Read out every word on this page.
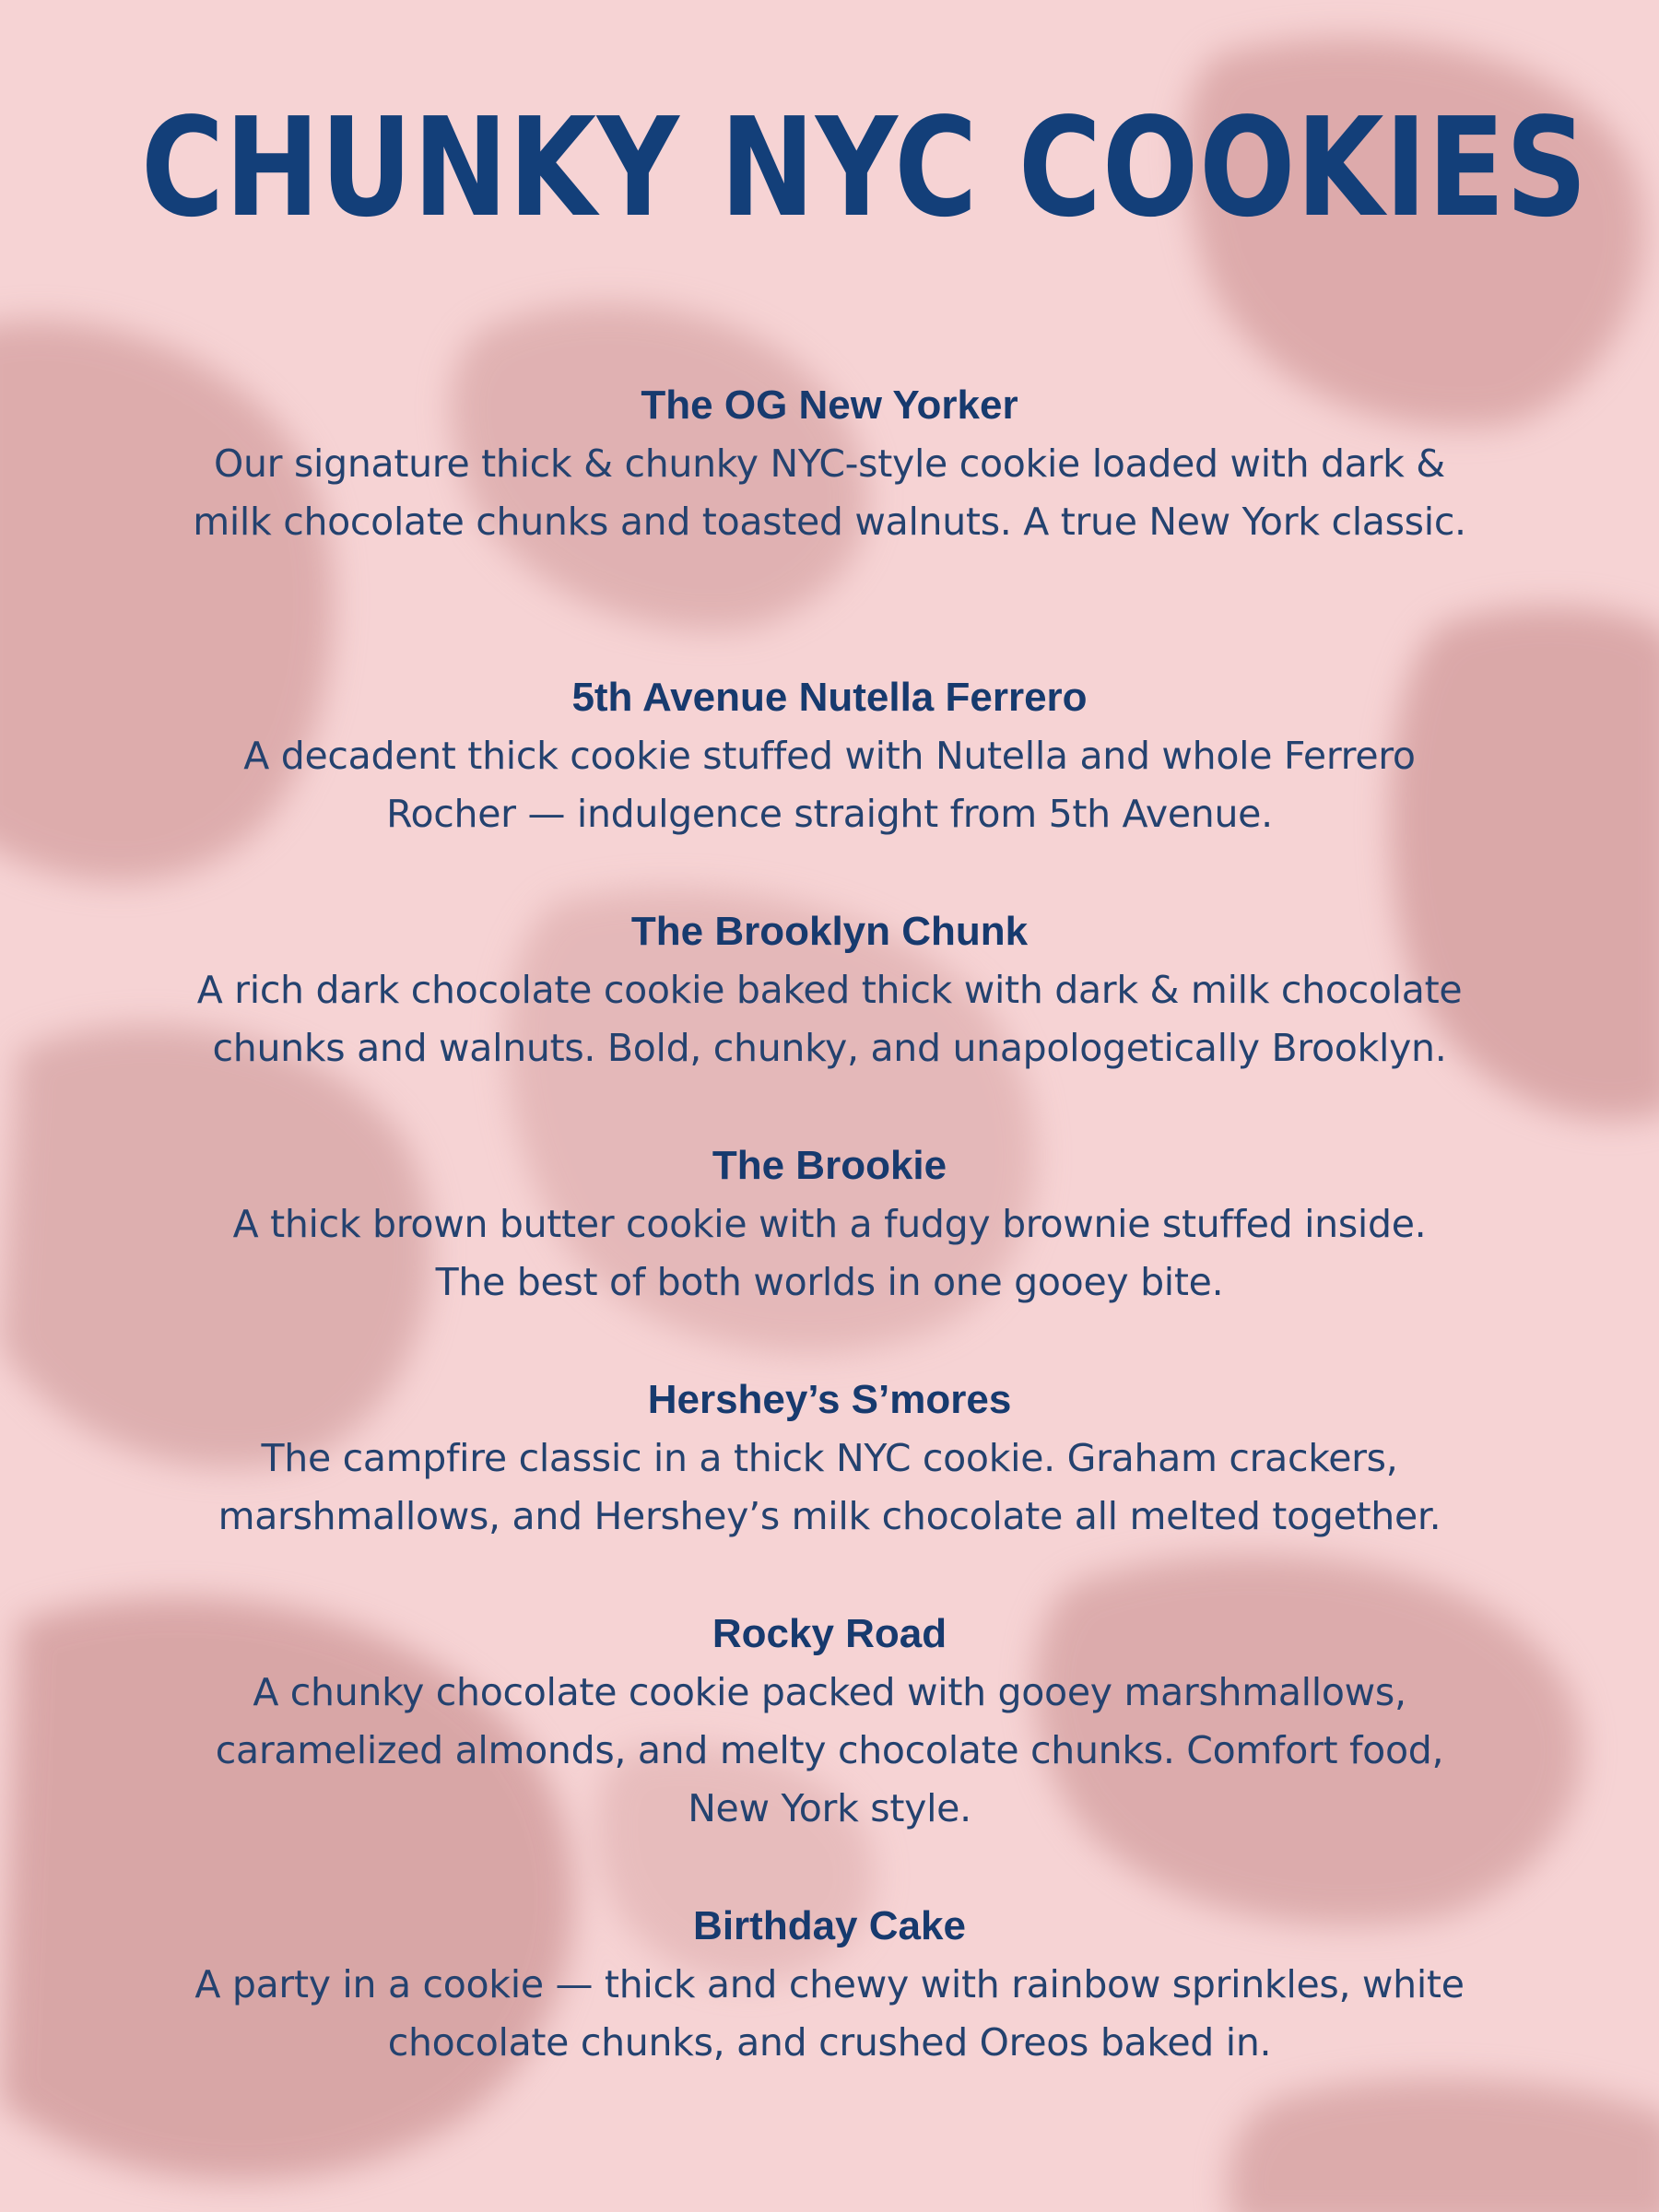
CHUNKY NYC COOKIES
The OG New Yorker
Our signature thick & chunky NYC-style cookie loaded with dark &
milk chocolate chunks and toasted walnuts. A true New York classic.
5th Avenue Nutella Ferrero
A decadent thick cookie stuffed with Nutella and whole Ferrero
Rocher — indulgence straight from 5th Avenue.
The Brooklyn Chunk
A rich dark chocolate cookie baked thick with dark & milk chocolate
chunks and walnuts. Bold, chunky, and unapologetically Brooklyn.
The Brookie
A thick brown butter cookie with a fudgy brownie stuffed inside.
The best of both worlds in one gooey bite.
Hershey’s S’mores
The campfire classic in a thick NYC cookie. Graham crackers,
marshmallows, and Hershey’s milk chocolate all melted together.
Rocky Road
A chunky chocolate cookie packed with gooey marshmallows,
caramelized almonds, and melty chocolate chunks. Comfort food,
New York style.
Birthday Cake
A party in a cookie — thick and chewy with rainbow sprinkles, white
chocolate chunks, and crushed Oreos baked in.
